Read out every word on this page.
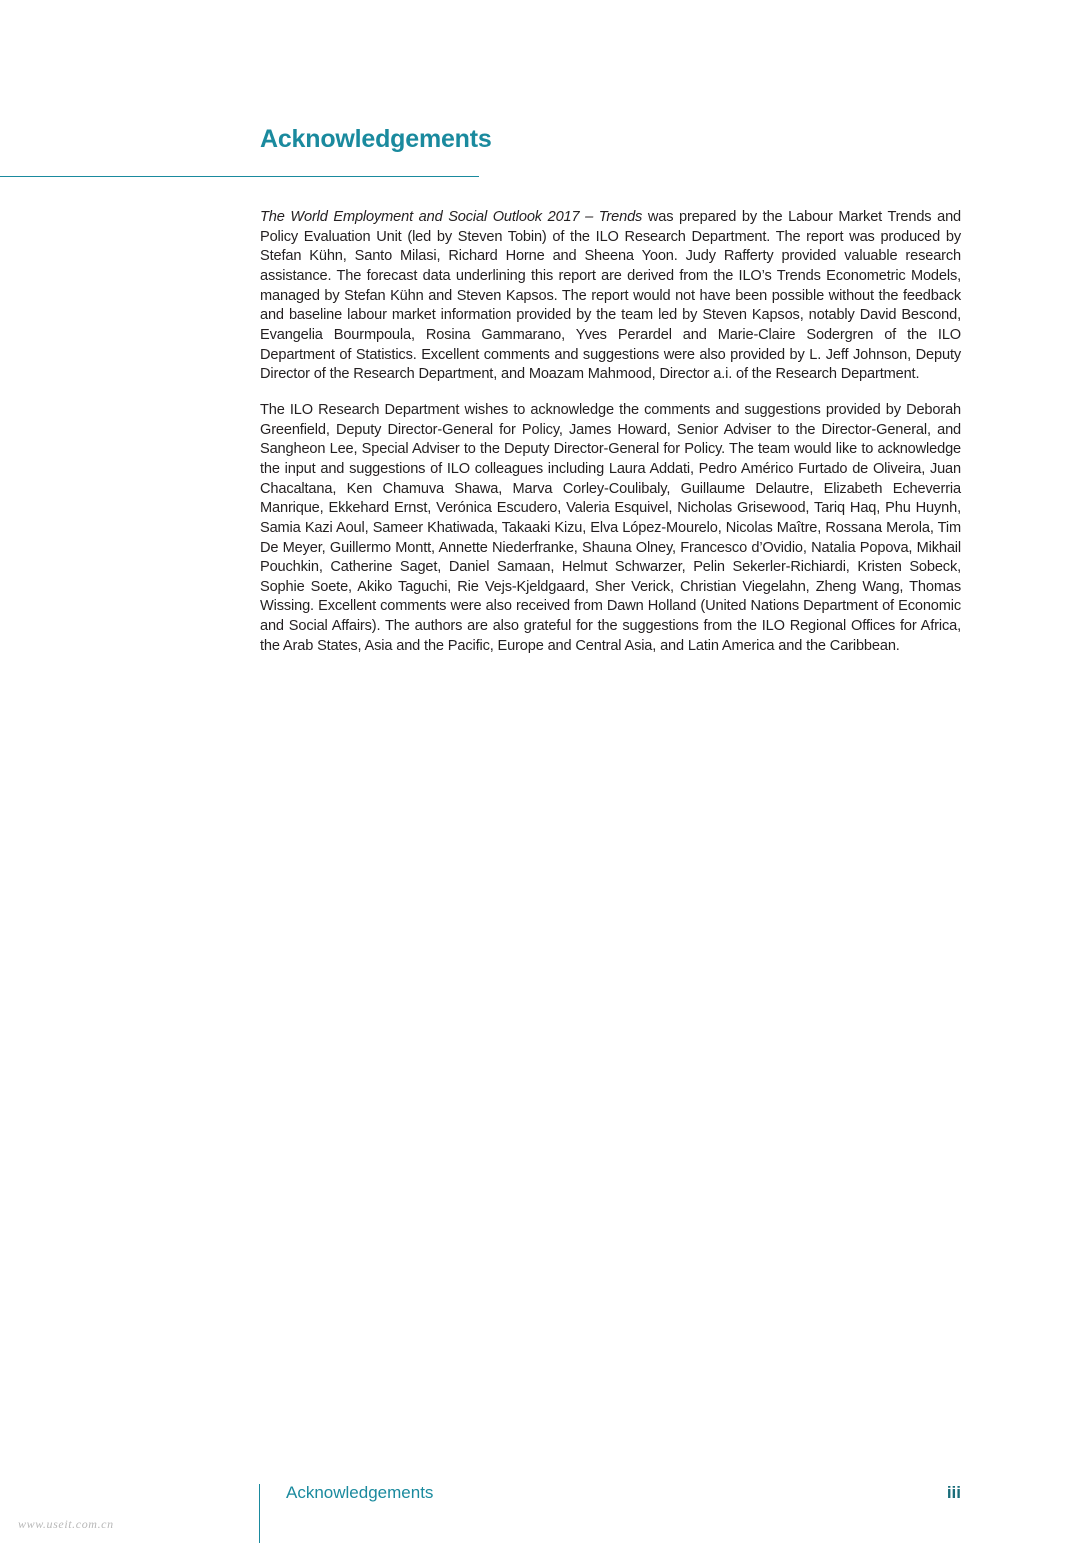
Acknowledgements

The World Employment and Social Outlook 2017 – Trends was prepared by the Labour Market Trends and Policy Evaluation Unit (led by Steven Tobin) of the ILO Research Department. The report was produced by Stefan Kühn, Santo Milasi, Richard Horne and Sheena Yoon. Judy Rafferty provided valuable research assistance. The forecast data underlining this report are derived from the ILO’s Trends Econometric Models, managed by Stefan Kühn and Steven Kapsos. The report would not have been possible without the feedback and baseline labour market information provided by the team led by Steven Kapsos, notably David Bescond, Evangelia Bourmpoula, Rosina Gammarano, Yves Perardel and Marie-Claire Sodergren of the ILO Department of Statistics. Excellent comments and suggestions were also provided by L. Jeff Johnson, Deputy Director of the Research Department, and Moazam Mahmood, Director a.i. of the Research Department.

The ILO Research Department wishes to acknowledge the comments and suggestions provided by Deborah Greenfield, Deputy Director-General for Policy, James Howard, Senior Adviser to the Director-General, and Sangheon Lee, Special Adviser to the Deputy Director-General for Policy. The team would like to acknowledge the input and suggestions of ILO colleagues including Laura Addati, Pedro Américo Furtado de Oliveira, Juan Chacaltana, Ken Chamuva Shawa, Marva Corley-Coulibaly, Guillaume Delautre, Elizabeth Echeverria Manrique, Ekkehard Ernst, Verónica Escudero, Valeria Esquivel, Nicholas Grisewood, Tariq Haq, Phu Huynh, Samia Kazi Aoul, Sameer Khatiwada, Takaaki Kizu, Elva López-Mourelo, Nicolas Maître, Rossana Merola, Tim De Meyer, Guillermo Montt, Annette Niederfranke, Shauna Olney, Francesco d’Ovidio, Natalia Popova, Mikhail Pouchkin, Catherine Saget, Daniel Samaan, Helmut Schwarzer, Pelin Sekerler-Richiardi, Kristen Sobeck, Sophie Soete, Akiko Taguchi, Rie Vejs-Kjeldgaard, Sher Verick, Christian Viegelahn, Zheng Wang, Thomas Wissing. Excellent comments were also received from Dawn Holland (United Nations Department of Economic and Social Affairs). The authors are also grateful for the suggestions from the ILO Regional Offices for Africa, the Arab States, Asia and the Pacific, Europe and Central Asia, and Latin America and the Caribbean.

Acknowledgements	iii
www.useit.com.cn
